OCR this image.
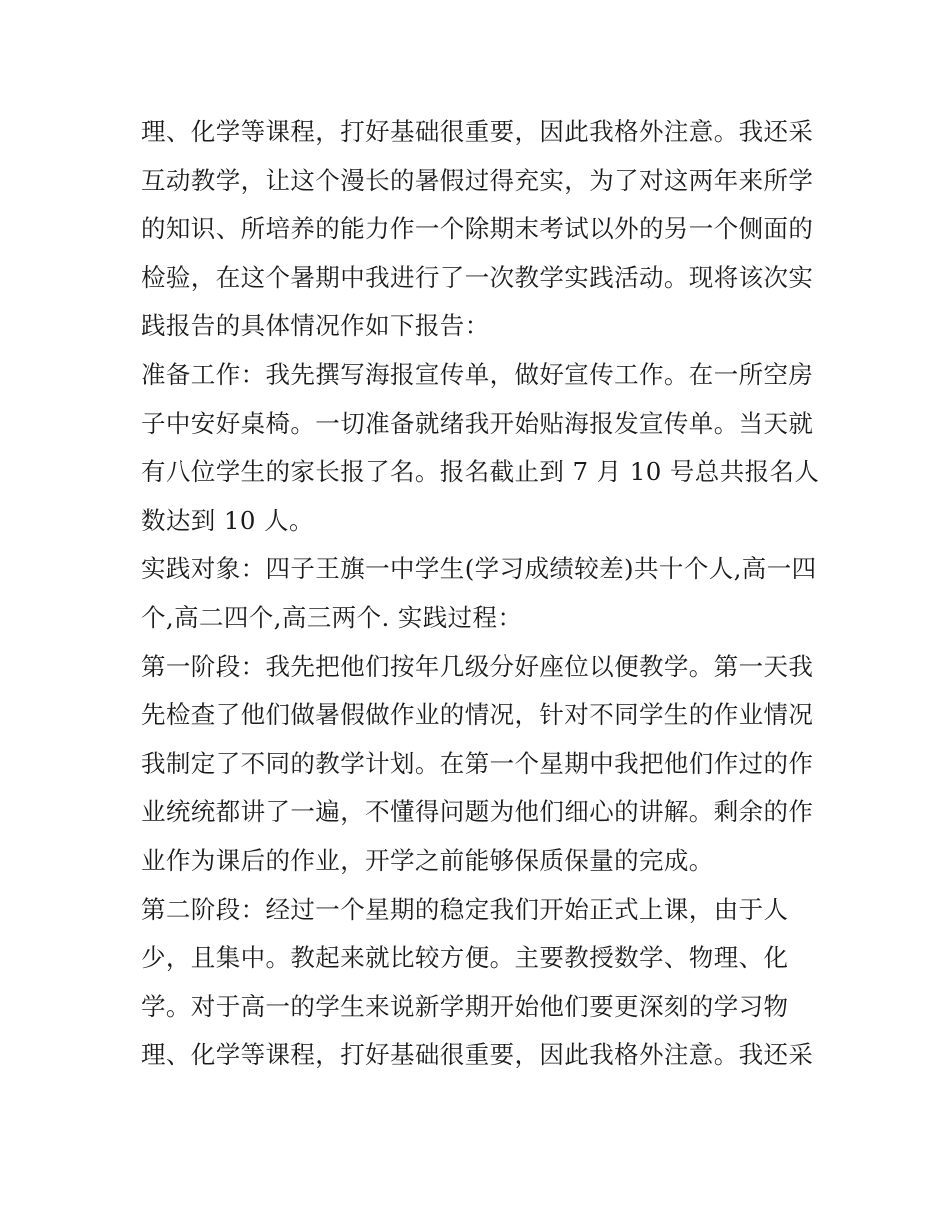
理、化学等课程，打好基础很重要，因此我格外注意。我还采
互动教学，让这个漫长的暑假过得充实，为了对这两年来所学
的知识、所培养的能力作一个除期末考试以外的另一个侧面的
检验，在这个暑期中我进行了一次教学实践活动。现将该次实
践报告的具体情况作如下报告：
准备工作：我先撰写海报宣传单，做好宣传工作。在一所空房
子中安好桌椅。一切准备就绪我开始贴海报发宣传单。当天就
有八位学生的家长报了名。报名截止到 7 月 10 号总共报名人
数达到 10 人。
实践对象：四子王旗一中学生(学习成绩较差)共十个人,高一四
个,高二四个,高三两个. 实践过程：
第一阶段：我先把他们按年几级分好座位以便教学。第一天我
先检查了他们做暑假做作业的情况，针对不同学生的作业情况
我制定了不同的教学计划。在第一个星期中我把他们作过的作
业统统都讲了一遍，不懂得问题为他们细心的讲解。剩余的作
业作为课后的作业，开学之前能够保质保量的完成。
第二阶段：经过一个星期的稳定我们开始正式上课，由于人
少，且集中。教起来就比较方便。主要教授数学、物理、化
学。对于高一的学生来说新学期开始他们要更深刻的学习物
理、化学等课程，打好基础很重要，因此我格外注意。我还采
